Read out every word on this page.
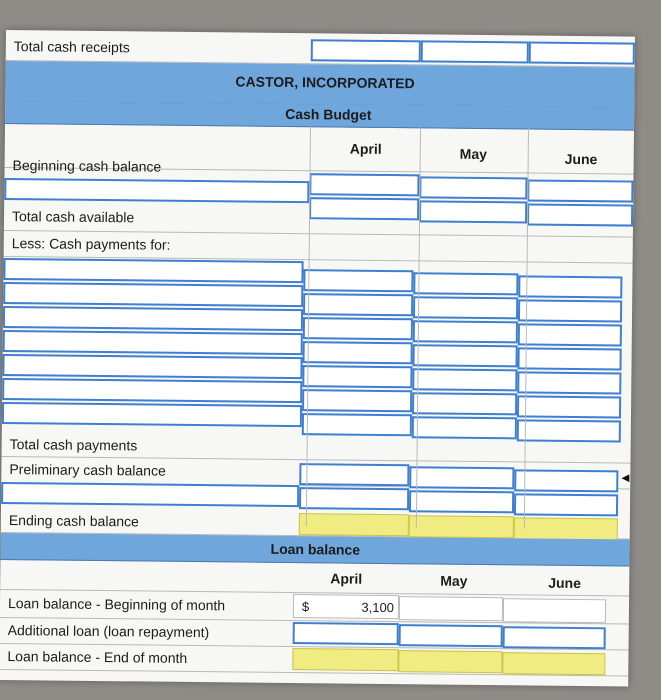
Total cash receipts
CASTOR, INCORPORATED
Cash Budget
April	May	June
Beginning cash balance
Total cash available
Less: Cash payments for:
Total cash payments
Preliminary cash balance
Ending cash balance
Loan balance
April	May	June
Loan balance - Beginning of month	$	3,100
Additional loan (loan repayment)
Loan balance - End of month
◄
